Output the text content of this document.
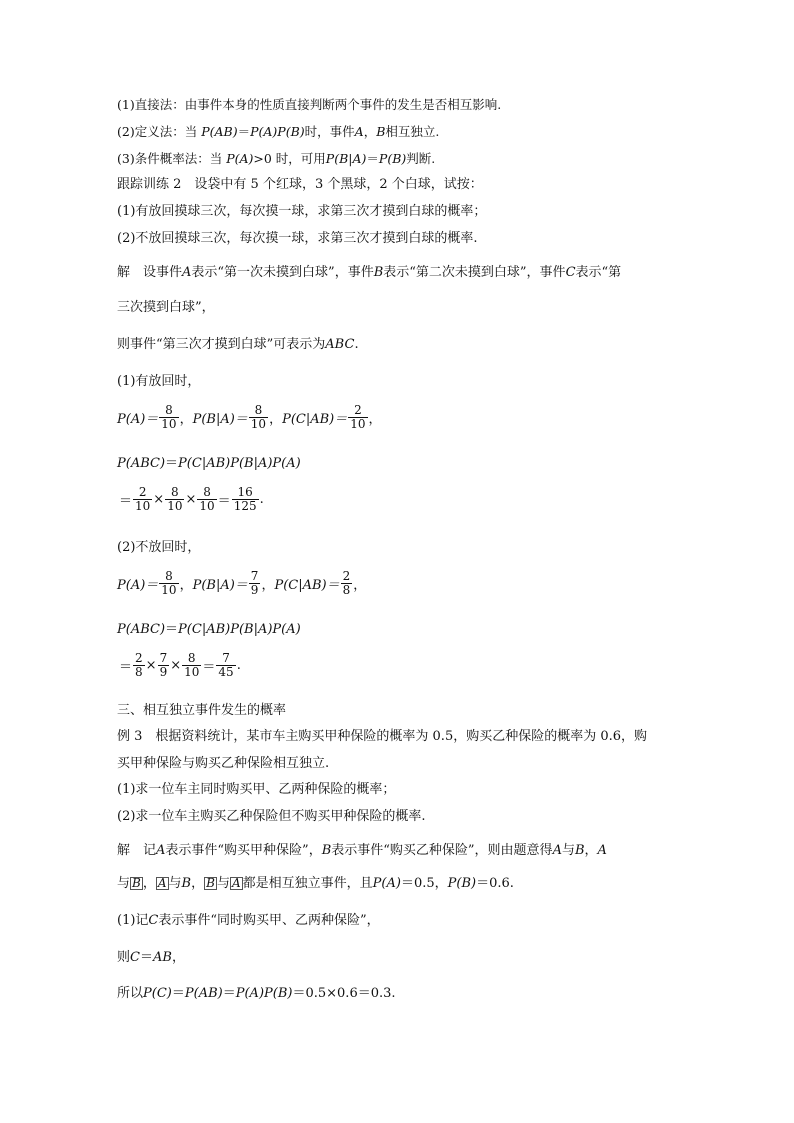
(1)直接法：由事件本身的性质直接判断两个事件的发生是否相互影响.
(2)定义法：当 P(AB)＝P(A)P(B)时，事件A，B相互独立.
(3)条件概率法：当 P(A)>0 时，可用P(B|A)＝P(B)判断.
跟踪训练 2　设袋中有 5 个红球，3 个黑球，2 个白球，试按：
(1)有放回摸球三次，每次摸一球，求第三次才摸到白球的概率；
(2)不放回摸球三次，每次摸一球，求第三次才摸到白球的概率.
解　设事件A表示“第一次未摸到白球”，事件B表示“第二次未摸到白球”，事件C表示“第
三次摸到白球”，
则事件“第三次才摸到白球”可表示为ABC.
(1)有放回时，
$P(A)= \frac{8}{10}$ ， $P(B|A)= \frac{8}{10}$ ， $P(C|AB)= \frac{2}{10}$ ，
P(ABC)＝P(C|AB)P(B|A)P(A)
＝ $\frac{2}{10} \times \frac{8}{10} \times \frac{8}{10} = \frac{16}{125}$ .
(2)不放回时，
$P(A)= \frac{8}{10}$ ， $P(B|A)= \frac{7}{9}$ ， $P(C|AB)= \frac{2}{8}$ ，
P(ABC)＝P(C|AB)P(B|A)P(A)
＝ $\frac{2}{8} \times \frac{7}{9} \times \frac{8}{10} = \frac{7}{45}$ .
三、相互独立事件发生的概率
例 3　根据资料统计，某市车主购买甲种保险的概率为 0.5，购买乙种保险的概率为 0.6，购
买甲种保险与购买乙种保险相互独立.
(1)求一位车主同时购买甲、乙两种保险的概率；
(2)求一位车主购买乙种保险但不购买甲种保险的概率.
解　记A表示事件“购买甲种保险”，B表示事件“购买乙种保险”，则由题意得A与B，A
与 B ， A 与B， B 与 A 都是相互独立事件，且P(A)＝0.5，P(B)＝0.6.
(1)记C表示事件“同时购买甲、乙两种保险”，
则C＝AB，
所以P(C)＝P(AB)＝P(A)P(B)＝0.5×0.6＝0.3.
